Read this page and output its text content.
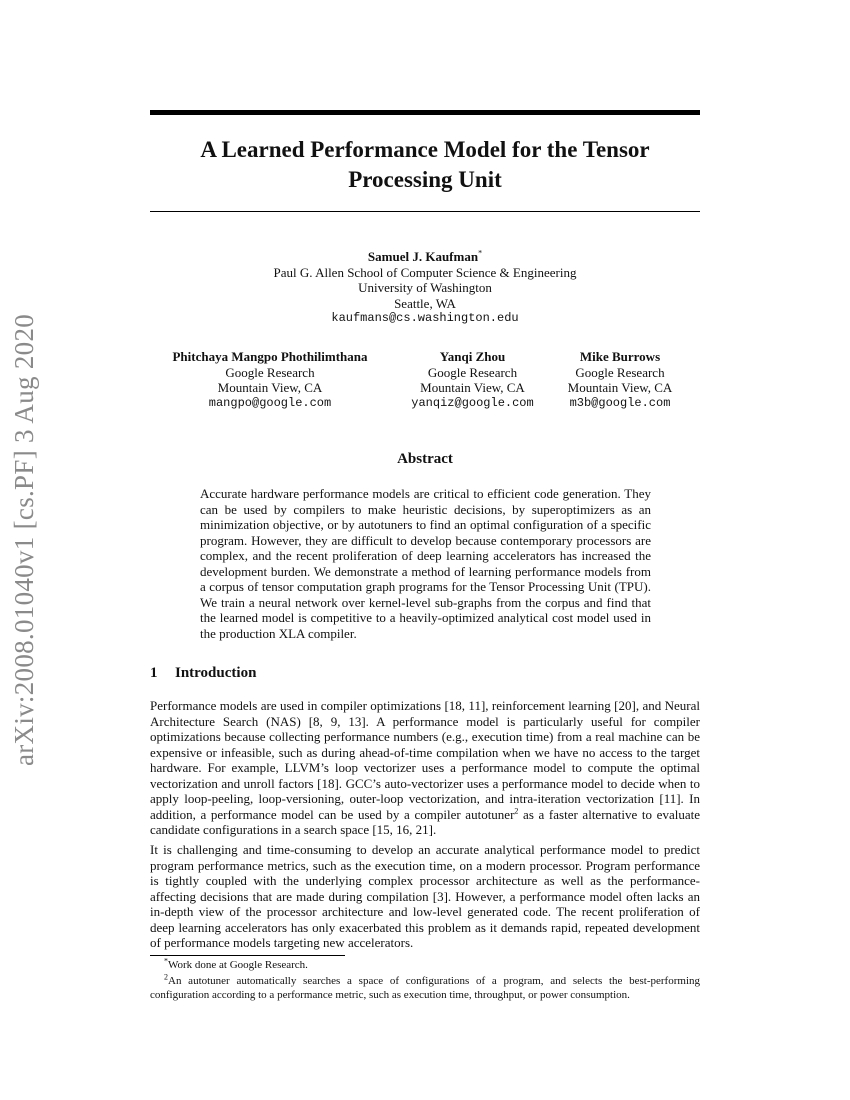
arXiv:2008.01040v1 [cs.PF] 3 Aug 2020
A Learned Performance Model for the Tensor Processing Unit
Samuel J. Kaufman*
Paul G. Allen School of Computer Science & Engineering
University of Washington
Seattle, WA
kaufmans@cs.washington.edu
Phitchaya Mangpo Phothilimthana
Google Research
Mountain View, CA
mangpo@google.com
Yanqi Zhou
Google Research
Mountain View, CA
yanqiz@google.com
Mike Burrows
Google Research
Mountain View, CA
m3b@google.com
Abstract

Accurate hardware performance models are critical to efficient code generation. They can be used by compilers to make heuristic decisions, by superoptimizers as an minimization objective, or by autotuners to find an optimal configuration of a specific program. However, they are difficult to develop because contemporary processors are complex, and the recent proliferation of deep learning accelerators has increased the development burden. We demonstrate a method of learning performance models from a corpus of tensor computation graph programs for the Tensor Processing Unit (TPU). We train a neural network over kernel-level sub-graphs from the corpus and find that the learned model is competitive to a heavily-optimized analytical cost model used in the production XLA compiler.

1 Introduction

Performance models are used in compiler optimizations [18, 11], reinforcement learning [20], and Neural Architecture Search (NAS) [8, 9, 13]. A performance model is particularly useful for compiler optimizations because collecting performance numbers (e.g., execution time) from a real machine can be expensive or infeasible, such as during ahead-of-time compilation when we have no access to the target hardware. For example, LLVM’s loop vectorizer uses a performance model to compute the optimal vectorization and unroll factors [18]. GCC’s auto-vectorizer uses a performance model to decide when to apply loop-peeling, loop-versioning, outer-loop vectorization, and intra-iteration vectorization [11]. In addition, a performance model can be used by a compiler autotuner$^2$ as a faster alternative to evaluate candidate configurations in a search space [15, 16, 21].

It is challenging and time-consuming to develop an accurate analytical performance model to predict program performance metrics, such as the execution time, on a modern processor. Program performance is tightly coupled with the underlying complex processor architecture as well as the performance-affecting decisions that are made during compilation [3]. However, a performance model often lacks an in-depth view of the processor architecture and low-level generated code. The recent proliferation of deep learning accelerators has only exacerbated this problem as it demands rapid, repeated development of performance models targeting new accelerators.

*Work done at Google Research.

$^2$An autotuner automatically searches a space of configurations of a program, and selects the best-performing configuration according to a performance metric, such as execution time, throughput, or power consumption.
